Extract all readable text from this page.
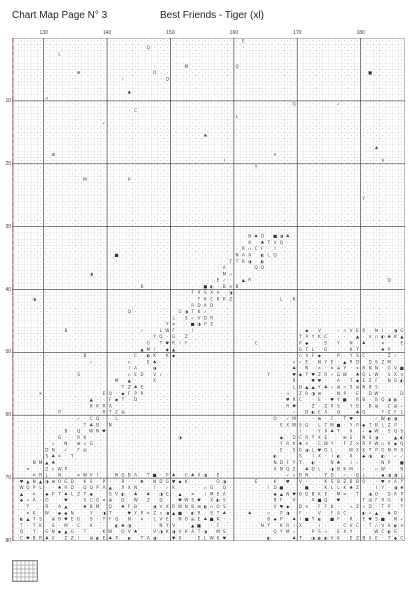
Chart Map Page N° 3	Best Friends - Tiger (xl)
130	140	150	160	170	180
10
20
30
40
50
60
70
80
· · · · · · · · · · · · · · · · · · · · · · · · · · · · · · · · · · · E · · · · · · · · · · · · · · · · · · · · · · · · ·
· · · · · · · · · · · · · · · · · · · · Q · · · · · · · · · · · · · · · · · · · · · · · · · · · · · · · · · · · · · · · ·
· · · · · · L · · · · · · · · · · · · · · · · · · · · · · · · · · · · · · · · · · · · · · · · · · · · · · · · · · · · · ·
· · · · · · · · · · · · · · · · · · · · · · · · · · · · · · · · · · · · · · · · · · · · · · · · · · · · · · · · · · · · ·
· · · · · · · · · · · · · · · · · · · · · · · · · · M · · · · · · · Q · · · · · · · · · · · · · · · · · · · · · · · · · ·
· · · · · · · · · ⊞ · · · · · · · · · · · O · · · · · · · · · · · · · · · · · · · · · · · · · · · · · · · · · ■ · · · · ·
· · · · · · · · · · · · · · · · I · · · · · · Q · · · · · · · · · · · · · · · · · · · · · · · · · · · · · · · · · · · · ·
· · · · · · · · · · · · · · · · · · · · · · · · · · · · · · · · · · · · · · · · · · · · · · · · · · · · · · · · · · · · ·
· · · · · · · · · · · · · · · · · ▲ · · · · · · · · · · · · · · · · · · · · · · · · · · · · · · · · · · · · · · · · · · ·
· · · · ∩ · · · · · · · · · · · · · · · · · · · · · · · · · · · · · · · · · · · · · · · · · · · · · · · · · · · · · · · ·
· · · · · · · · · · · · · · · · · · · · · · · · · · · · · · · · · · · · · · · · · · · G · · · · · · ✓ · · · · · · · · · ·
· · · · · · · · · · · · · · · · · · C · · · · · · · · · · · · · · · · · · · · · · · · · · · · · · · · · · · · · · · · · ·
· · · · · · · · · · · · · · · · · · · · · · · · · · · · · · · · · · L · · · · · · · · · · · · · · · · · · · · · · · · · ·
· · · · · · · · · · · · · ✓ · · · · · · · · · · · · · · · · · · · · · · · · · · · · · · · · · · · · · · · · · · · · · · ·
· · · · · · · · · · · · · · · · · · · · · · · · · · · · · · · · · · · · · · · · · · · · · · · · · · · · · · · · · · · · ·
· · · · · · · · · · · · · · · · · · · · · · · · · · · · · ♣ · · · · · · · · · · · · · · · · · · · · · · · · · · · · · · ·
· · · · · · · · · · · · · · · · · · · · · · · · · · · · · · · · · · · · · · · · · · · · · · · · · · · · · · · · · · · · ·
· · · · · · · · · · · · · · · · · · · · · · · · · · · · · · · · · · · · · · · · · · · · · · · · · · · · · · · · ♣ · · · ·
· · · · · ⊞ · · · · · · · · · · · · · · · · · · · · · · · · · · · · · · · · · · ✕ · · · · · · · · · · · · · · · · · · · ·
· · · · · · · · · · · · · · · · · · · · · · · · · · · · · · · · I · · · · · · · · · · · · · · · · · · · · · · · · V · · ·
· · · · · · · · · · · · · · · · · · · · · · · · · · · · · · · · · · · · · T · · · · · · · · · · · · · · · · · · · · · · ·
· · · · · · · · · · · · · · · · · · · · · · · · · · · · · · · · · · · · · · · · · · · · · · · · · · · · · · · · · · · · ·
· · · · · · · · · · M · · · · · · P · · · · · · · · · · · · · · · · · · · · · · · · · · · · · · · · · · · · · · · · · · ·
· · · · · · · · · · · · · · · · · · · · · · · · · · · · · · · · · · · · · · · · · · · · · · · · · · · · · · · · · · · · ·
· · · · · · · · · · · · · · · · · · · · · · · · · · · · · · · · · · · · · · · · · · · · · · · · · · · · · · · · · · · · ·
· · · · · · · · · · · · · · · · · · · · · · · · · · · · · · · · · · · · · · · · · · · · · · · · · · · · · · Y · · · · · ·
· · · · · · · · · · · · · · · · · · · · · · · · · · · · · · · · · · · · · · · · · · · · · · · · · · · · · · · · · · · · ·
· · · · · · · · · · · · · · · · · · · · · · · · · · · · · · · · · · · · · · · · · · · · · · · · · · · · · · · · · · · · ·
· · · · · · · · · · · · · · · · · · · · · · · · · · · · · · · · · · · · · · · · · · · · · · · · · · · · · · · · · · · · ·
· · · · · · · · · · · · · · · · · · · · · · · · · · · · · · · · · · · · · · · · · · · · · · · · · · · · · · · · · · · · ·
· · · · · · · · · · · · · · · · · · · · · · · · · · · · · · · · · · · · · · · · · · · · · · · · · · · · · · · · · · · · ·
· · · · · · · · · · · · · · · · · · · · · · · · · · · · · · · · · · · · B ♣ O · ■ ◑ ♣ · · · · · · · · · · · · · · · · · ·
· · · · · · · · · · · · · · · · · · · · · · · · · · · · · · · · · · · · K · ♣ T V Q · · · · · · · · · · · · · · · · · · ·
· · · · · · · · · · · · · · · · · · · · · · · · · · · · · · · · · · · R ∩ C F · I · · · · · · · · · · · · · · · · · · · ·
· · · · · · · · · · · · · · · ■ · · · · · · · · · · · · · · · · · · N A A · ◐ L Q · · · · · · · · · · · · · · · · · · · ·
· · · · · · · · · · · · · · · · · · · · · · · · · · · · · · · · · T T R ◑ · ◐ · · · · · · · · · · · · · · · · · · · · · ·
· · · · · · · · · · · · · · · · · · · · · · · · · · · · · · · · A · · · · Q O · · · · · · · · · · · · · · · · · · · · · ·
· · · · · · · · · · · ◑ · · · · · · · · · · · · · · · · · · · · M ∩ · · · · · · · · · · · · · · · · · · · · · · · · · · ·
· · · · · · · · · · · · · · · · · · · · · · · · · · · · · · · E ✓ · · ▲ R · · · · · · · · · · · · · · · · · · · · · Q · ·
· · · · · · · · · · · · · · · · · · · K · · · · · · · · · ■ ◐ · B ✕ B · · · · · · · · · · · · · · · · · · · · · · · · · ·
· · · · · · · · · · · · · · · · · · · · · · · · · · · F X S X ✕ · ◑ · · · · · · · · · · · · · · · · · · · · · · · · · · ·
· · ◑ · · · · · · · · · · · · · · · · · · · · · · · · · F K C K K Z · · · · · · · L · K · · · · · · · · · · · · · · · · ·
· · · · · · · · · · · · · · · · · · · · · · · · · · · R D A D · · · · · · · · · · · · · · · · · · · · · · · · · · · · · ·
· · · · · · · · · · · · · · · · · Q · · · · · · · G ◑ T K ✓ · · · · · · · · · · · · · · · · · · · · · · · · · · · · · · ·
· · · · · · · · · · · · · · · · · · · · · · · · L · S ✓ V D R · · · · · · · · · · · · · · · · · · · · · · · · · · · · · ·
· · · · · · · · · · · · · · · · · · · · · · · Y ✕ · · ■ ◑ P E · · · · · · · · · · · · · · · · · · · · · · · · · · · · · ·
· · · · · · · B · · · · · · · · · · · ✓ · · L W F · · I · · · · · · · · · · · · · · · · · ◆ · V · · ✓ ∩ V E R · N I · ◑ G
· · · · · · · · · · · · · · · · · · · · · Y Q · G · Z · · · · · · · · · · · · · · · · · ϒ A Y K C · · · · ▲ · ✕ ∩ ◐ ♣ K ▲
· · · · · · · · · · · · · · · · · · · · G · ϒ ♥ R I F · · · · · · · · · · C · · · · · · P ◆ · · S · Y · N · ♣ · · ✕ · · E
· · · · · · · · · · · · · · · · · · · ▲ M I · ◆ ▲ · · · · · · · · · · · · · · · · · · · G T L · D · · · K ϒ · · · ♣ P · ·
· · · · · · · · · · B · · · · · · · C · ◐ K · K ◆ · · · · · · · · · · · · · · · · · · · ∩ V F ◆ · · P · Y S C · · · Z ✓ ·
· · · · · · · · · · · ✓ · · · · · ∩ · · E ♣ · · · · · · · · · · · · · · · · · · · · · ∩ ✓ E · N Y E · ▲ R D · D S Z M · ·
· · · · · · · · · · · · · · · · · I A · · ◑ · · · · · · · · · · · · · · · · · · · · · ♣ · N · ✕ · ✕ ⊞ Y · ✕ R N N · G V ■
· · · · · · · · · S · · · · · · · ∩ E D · V ✓ · · · · · · · · · · · · · · · · Y · · · ♥ ◆ ϒ ♥ Z R ✓ G W · ♣ Q L W · S X ✕
· · · · · · · · · · · · · · · M · ▲ · · · X · · · · · · · · · · · · · · · · · · · · · R · · ♥ ♥ · · A · T ◆ E Z F · N G ◐
· · · · · · · · · · · · · · · · T Z ♣ E · · · · · · · · · · · · · · · · · · · · · · · L Q ▲ ▲ Y ♣ ✓ ⊞ ∩ S ⊞ N B S · · · ·
· · · ✕ · · · · · · · · · E Q · ◆ F P R · · · · · · · · · · · · · · · · · · · · · · ∩ · Z R ◑ ⊞ · · N P · E · D W · · · D
· · · · · · · · · · · ▲ · · F ◆ T · D · · · · · · · · · · · · · · · · · · · · · · · ♥ R C · · E · ♥ Y ■ · R B · B Q ◑ ◐ ·
· · · · · · · · · · · B K R A · · · · · · · · · · · · · · · · · · · · · · · · · · · R ♥ · · Z · Z X S · Y E · B ⊞ · C ⊞ ✓
· · · · · · P · · · · · · R T Z ⊞ · · · · · · · · · · · · · · · · · · · · · · · · · · ✓ · D ◐ E A · Q · · ♣ Q · · Y Z F L
· · · · · · · · · ✓ · C Q · · L · · · · · · · · · · · · · · · · · · · · · · · · O · ✓ M · · · ⊞ · C · T ♥ · · · ✓ W ◐ ◑ ·
· · · · · · · · · · T ♣ B · N · · · · · · · · · · · · · · · · · · · · · · · · · · E X W S Q · L T W ■ · Y P ◆ T B L Z P ·
· · · · · · · B · Q · W N ♥ · · · · · · · · · · · · · · · · · · · · · · · · · · · · · · I · · Y X ♣ ϒ · X · ✓ ◆ W · S Q S
· · · · · · G · · R K · · · · · · · · · · · · · · ◑ · · · · · · · · · · · · · · · ◆ · D C R ϒ X E · · ⊞ E · N S ◑ · · ▲ ◐
· · · · · ∩ · N · ⊞ ∩ G · · · · · · · · · · · · · · · · · · · · · · · · · · · · · Y R K ♣ ✕ · C W Y · F Z ✕ R P W ∩ K ◆ Q
· · · · D N · ✓ · F ⊞ · · · · · · · · · · · · · · · · · · · · · · · · · · · · · · E · S G ◑ L ♥ O L · · W X K ϒ P G N R X
· · · · S ♣ ✕ · ϒ · · · · · · · · · · · · · · · · · · · · · · · · · · · · · · · ◐ · · · S · I X · I ◐ · X · ◆ ◑ · ◐ · ✓ ✓
· · N M ▲ ♣ · · · · · · · · · · · · · · · · · · · · · · · · · · · · · · · · · · N D F Y ϒ · ◐ · · N ♣ · I ✓ · · · N P · ■
· ✕ · · Z ∩ W P · · · · · · · · · · · · · · · · · · · · · · · · · · · · · · · · X N Q Z · ♣ D L · ◑ B K M · ✓ · ∩ W · · N
· · ✕ R L · N · · ✕ W V I · · N Q B A · T ■ · P ♣ · C ♣ X ◑ · E · · · · · · · · · · ✓ ∩ B N · · ϒ D · ✓ · Q L · · ◆ ◑ ◑ L
♥ ▲ N ▲ ◑ ⊞ O G D · K S · P · · R · · ♣ · N D G ♥ ◆ K · · · · O ◑ · · · · E · · K · ♥ · V · · · K S B Z B B O · · ♥ ✕ A ϒ
W Q P L · · ♣ R D · Q Q P A ▲ · X X N · · I · ✓ K · · · · ∩ G · Q · · · · · · I D ■ · · · ■ · · K L L K ♣ Z · · I Y · ◑ ♣
▲ · ✕ · ◆ P ϒ ♣ L Z ϒ ◆ · · G V ◐ · ♣ · ♣ · ◑ C · ▲ · ✕ · I M E A · · · · · · · ◆ ▲ N ♥ O D B K E · M ✕ · T · ◑ O · D R P
◆ ∩ A · O · · ♥ · · S C G ✕ ⊞ · D · W · Z · D · · ♥ W S ♥ · X ◐ S · · · · · · · B F · V · · A ■ Q · ♥ · · · T ⊞ F R G · K
· ϒ · · R · A ▲ · · ♣ B M · Q · ♣ F B · · ◑ V X R W N B ⊞ ◐ ∩ O S · · · · · · · V ♥ ◆ · D ✕ · F F K · · ∩ Z ∩ D · T P · ϒ
· ✕ K · W · ◆ ◆ N · · Y · ◑ T · · ♥ Y P ✕ Z ∩ ◑ ▲ ■ · ◐ R · E T ♣ · · · ♣ · · ∩ · P ◑ · F · · V · F A C · · ◐ ✓ ▲ · ♣ D ·
◐ ▲ T S · ⊞ B ♥ E G · S · ϒ F Q · N · ✕ · L V E · N O ⊞ E ♣ ■ K · · · · · · · B ◆ P · ♣ I ■ ϒ ◐ · ■ F · R · E ♥ S ■ · N ✓
T · T K · S · M · C · K · · · ◐ ♣ ◑ · · · · N ϒ V · · ▲ ■ · · F · · · · · · N ϒ · K R I X · · I · · · C V C · T ∩ V A ◐ ✕
Q · ϒ · G N ◆ ▲ G · T · · K W · O V ♣ · · V ◑ K ◑ V K A T ◑ · M S · · · · · · · Q Y M ✓ · · P S ∩ · E X Y · · · W C ◐ E ·
C ♥ B R ♣ V · Z Z I · ⊞ ◐ E ♣ P · ◐ · ϒ A ◑ · · ♥ X · · E L W K ♥ · · · · · · ◐ · · · ♣ ϒ · ◑ ◐ ◐ V K · E Z B X E · ϒ ◆ C
